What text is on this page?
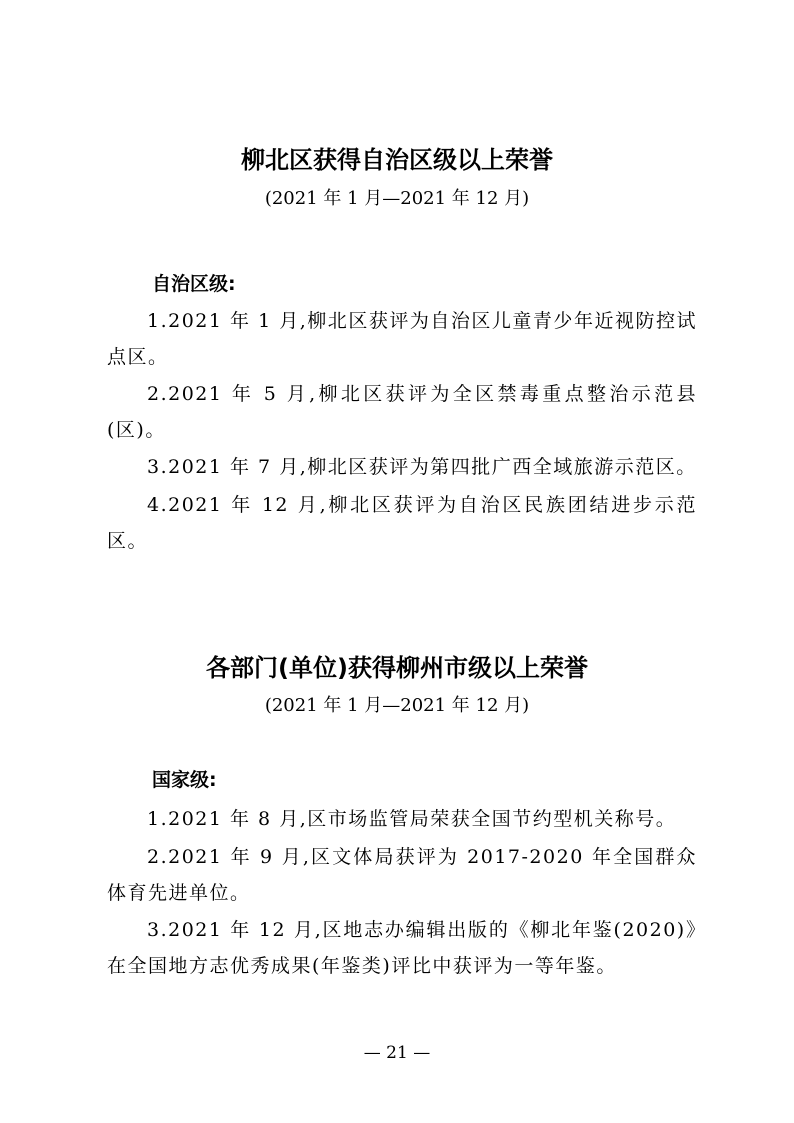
柳北区获得自治区级以上荣誉

(2021 年 1 月—2021 年 12 月)

自治区级:

1.2021 年 1 月,柳北区获评为自治区儿童青少年近视防控试点区。

2.2021 年 5 月,柳北区获评为全区禁毒重点整治示范县(区)。

3.2021 年 7 月,柳北区获评为第四批广西全域旅游示范区。

4.2021 年 12 月,柳北区获评为自治区民族团结进步示范区。

各部门(单位)获得柳州市级以上荣誉

(2021 年 1 月—2021 年 12 月)

国家级:

1.2021 年 8 月,区市场监管局荣获全国节约型机关称号。

2.2021 年 9 月,区文体局获评为 2017-2020 年全国群众体育先进单位。

3.2021 年 12 月,区地志办编辑出版的《柳北年鉴(2020)》在全国地方志优秀成果(年鉴类)评比中获评为一等年鉴。

— 21 —
